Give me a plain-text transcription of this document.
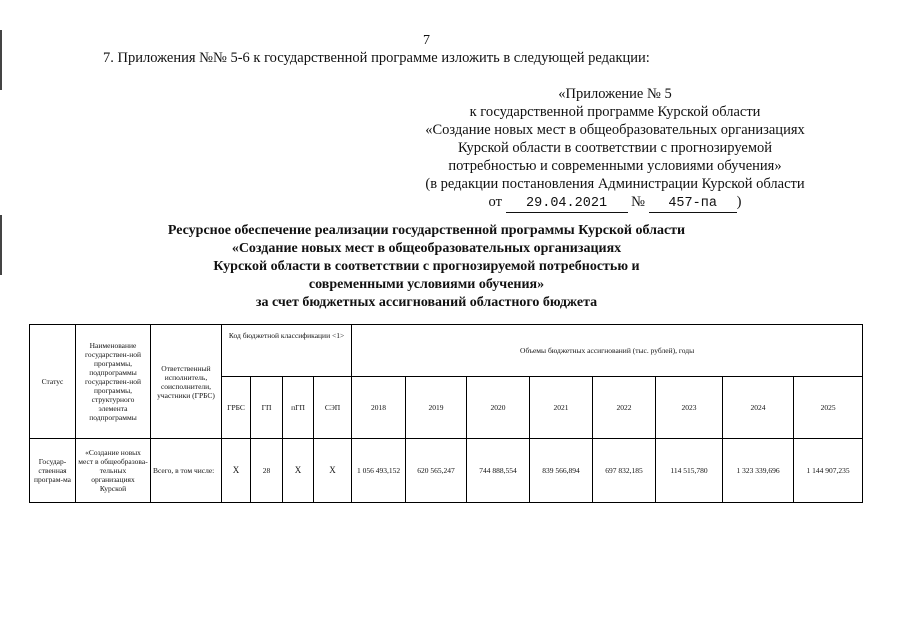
7
7. Приложения №№ 5-6 к государственной программе изложить в следующей редакции:
«Приложение № 5
к государственной программе Курской области
«Создание новых мест в общеобразовательных организациях
Курской области в соответствии с прогнозируемой
потребностью и современными условиями обучения»
(в редакции постановления Администрации Курской области
от 29.04.2021 № 457-па )
Ресурсное обеспечение реализации государственной программы Курской области
«Создание новых мест в общеобразовательных организациях
Курской области в соответствии с прогнозируемой потребностью и
современными условиями обучения»
за счет бюджетных ассигнований областного бюджета
Статус	Наименование государствен-ной программы, подпрограммы государствен-ной программы, структурного элемента подпрограммы	Ответственный исполнитель, соисполнители, участники (ГРБС)	Код бюджетной классификации <1>				Объемы бюджетных ассигнований (тыс. рублей), годы							
			ГРБС	ГП	пГП	СЭП	2018	2019	2020	2021	2022	2023	2024	2025
Государ-ственная програм-ма	«Создание новых мест в общеобразова-тельных организациях Курской	Всего, в том числе:	X	28	X	X	1 056 493,152	620 565,247	744 888,554	839 566,894	697 832,185	114 515,780	1 323 339,696	1 144 907,235
